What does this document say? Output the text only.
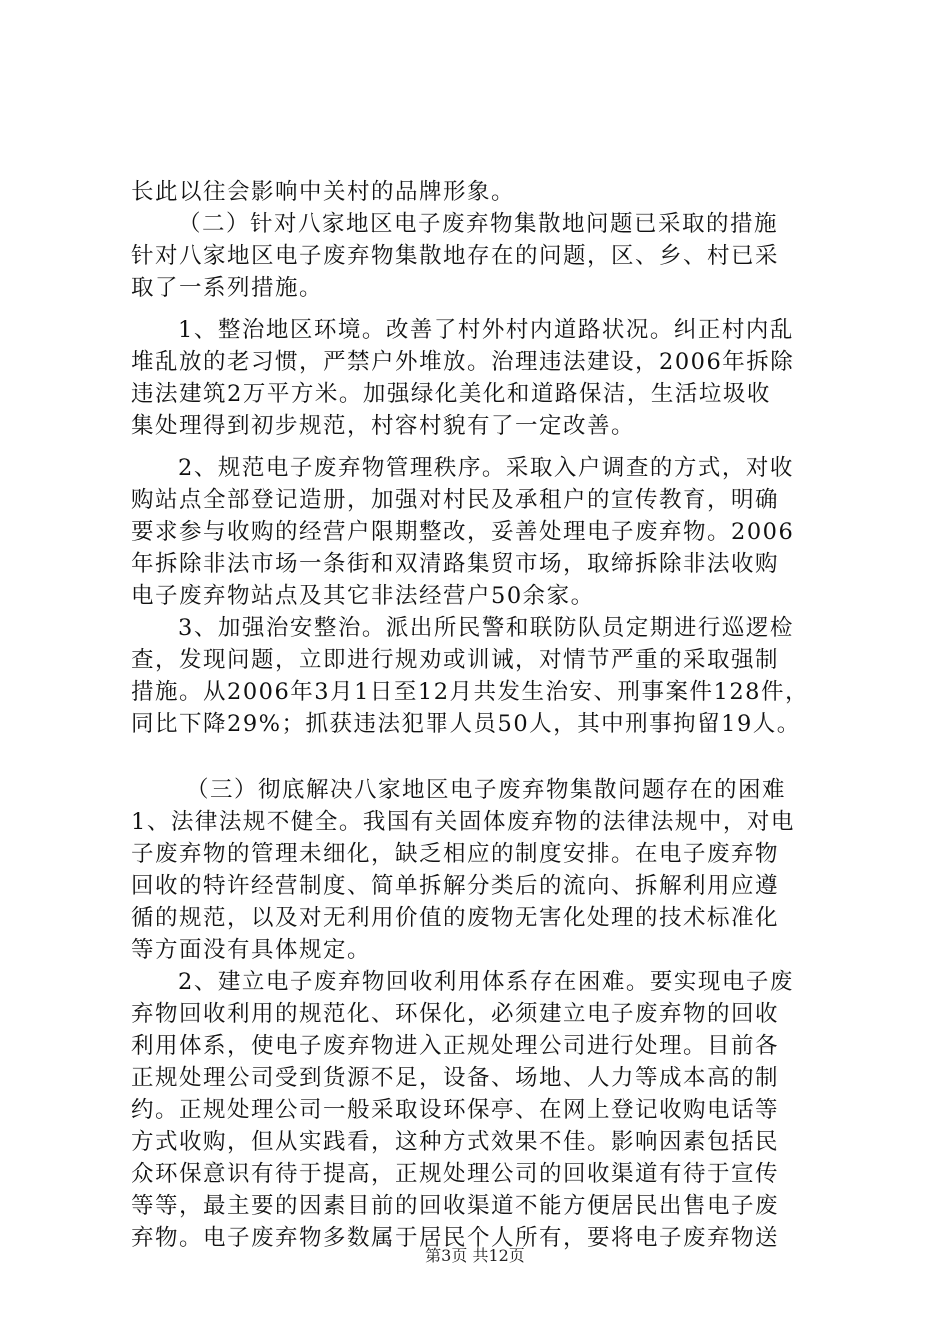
长此以往会影响中关村的品牌形象。
（二）针对八家地区电子废弃物集散地问题已采取的措施
针对八家地区电子废弃物集散地存在的问题，区、乡、村已采
取了一系列措施。
1、整治地区环境。改善了村外村内道路状况。纠正村内乱
堆乱放的老习惯，严禁户外堆放。治理违法建设，2006年拆除
违法建筑2万平方米。加强绿化美化和道路保洁，生活垃圾收
集处理得到初步规范，村容村貌有了一定改善。
2、规范电子废弃物管理秩序。采取入户调查的方式，对收
购站点全部登记造册，加强对村民及承租户的宣传教育，明确
要求参与收购的经营户限期整改，妥善处理电子废弃物。2006
年拆除非法市场一条街和双清路集贸市场，取缔拆除非法收购
电子废弃物站点及其它非法经营户50余家。
3、加强治安整治。派出所民警和联防队员定期进行巡逻检
查，发现问题，立即进行规劝或训诫，对情节严重的采取强制
措施。从2006年3月1日至12月共发生治安、刑事案件128件，
同比下降29%；抓获违法犯罪人员50人，其中刑事拘留19人。
（三）彻底解决八家地区电子废弃物集散问题存在的困难
1、法律法规不健全。我国有关固体废弃物的法律法规中，对电
子废弃物的管理未细化，缺乏相应的制度安排。在电子废弃物
回收的特许经营制度、简单拆解分类后的流向、拆解利用应遵
循的规范，以及对无利用价值的废物无害化处理的技术标准化
等方面没有具体规定。
2、建立电子废弃物回收利用体系存在困难。要实现电子废
弃物回收利用的规范化、环保化，必须建立电子废弃物的回收
利用体系，使电子废弃物进入正规处理公司进行处理。目前各
正规处理公司受到货源不足，设备、场地、人力等成本高的制
约。正规处理公司一般采取设环保亭、在网上登记收购电话等
方式收购，但从实践看，这种方式效果不佳。影响因素包括民
众环保意识有待于提高，正规处理公司的回收渠道有待于宣传
等等，最主要的因素目前的回收渠道不能方便居民出售电子废
弃物。电子废弃物多数属于居民个人所有，要将电子废弃物送
第3页 共12页
